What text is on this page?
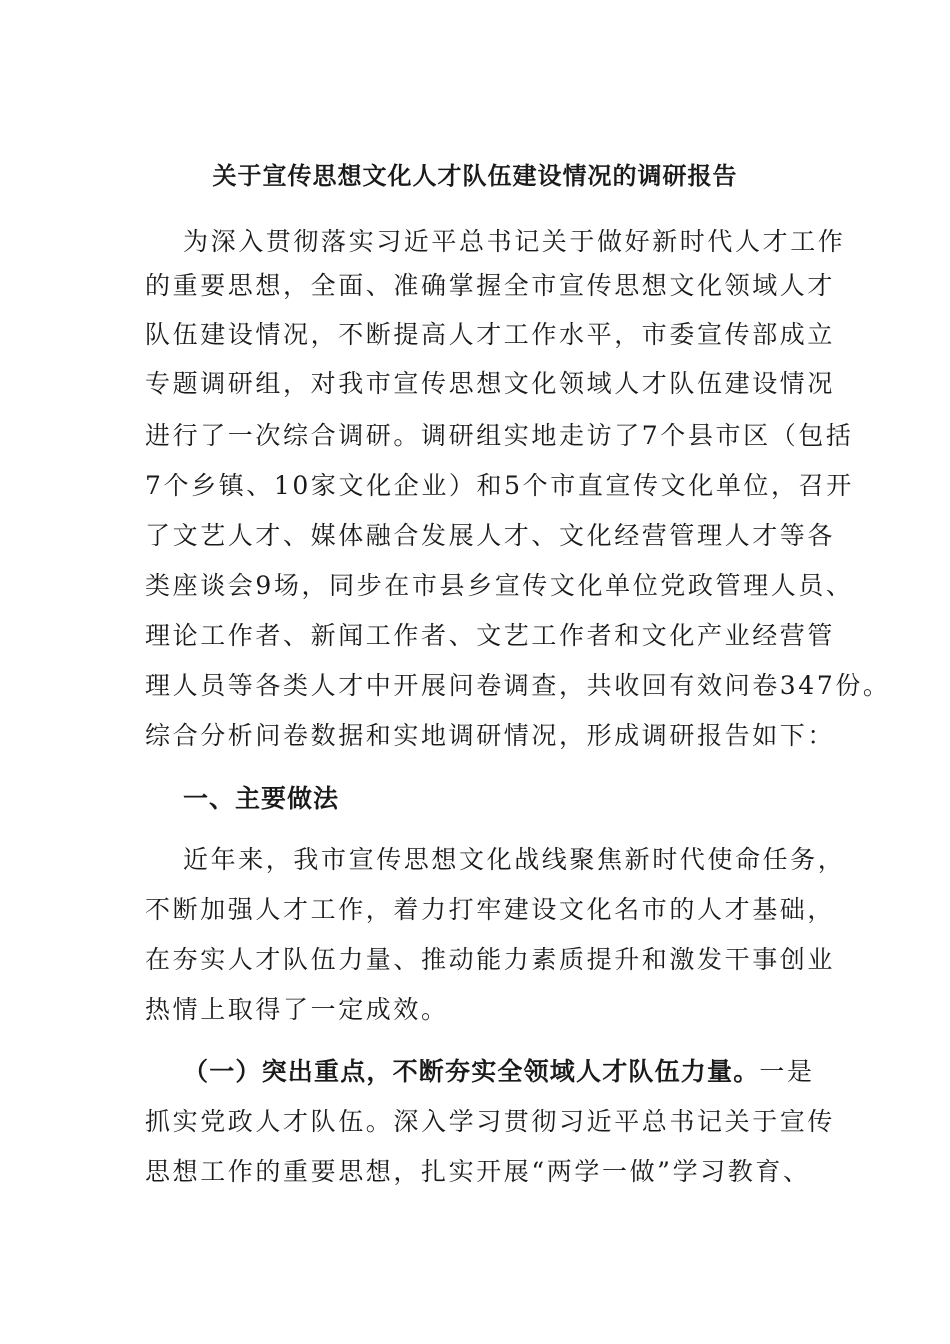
关于宣传思想文化人才队伍建设情况的调研报告
为深入贯彻落实习近平总书记关于做好新时代人才工作
的重要思想，全面、准确掌握全市宣传思想文化领域人才
队伍建设情况，不断提高人才工作水平，市委宣传部成立
专题调研组，对我市宣传思想文化领域人才队伍建设情况
进行了一次综合调研。调研组实地走访了7个县市区（包括
7个乡镇、10家文化企业）和5个市直宣传文化单位，召开
了文艺人才、媒体融合发展人才、文化经营管理人才等各
类座谈会9场，同步在市县乡宣传文化单位党政管理人员、
理论工作者、新闻工作者、文艺工作者和文化产业经营管
理人员等各类人才中开展问卷调查，共收回有效问卷347份。
综合分析问卷数据和实地调研情况，形成调研报告如下：
一、主要做法
近年来，我市宣传思想文化战线聚焦新时代使命任务，
不断加强人才工作，着力打牢建设文化名市的人才基础，
在夯实人才队伍力量、推动能力素质提升和激发干事创业
热情上取得了一定成效。
（一）突出重点，不断夯实全领域人才队伍力量。一是
抓实党政人才队伍。深入学习贯彻习近平总书记关于宣传
思想工作的重要思想，扎实开展“两学一做”学习教育、
